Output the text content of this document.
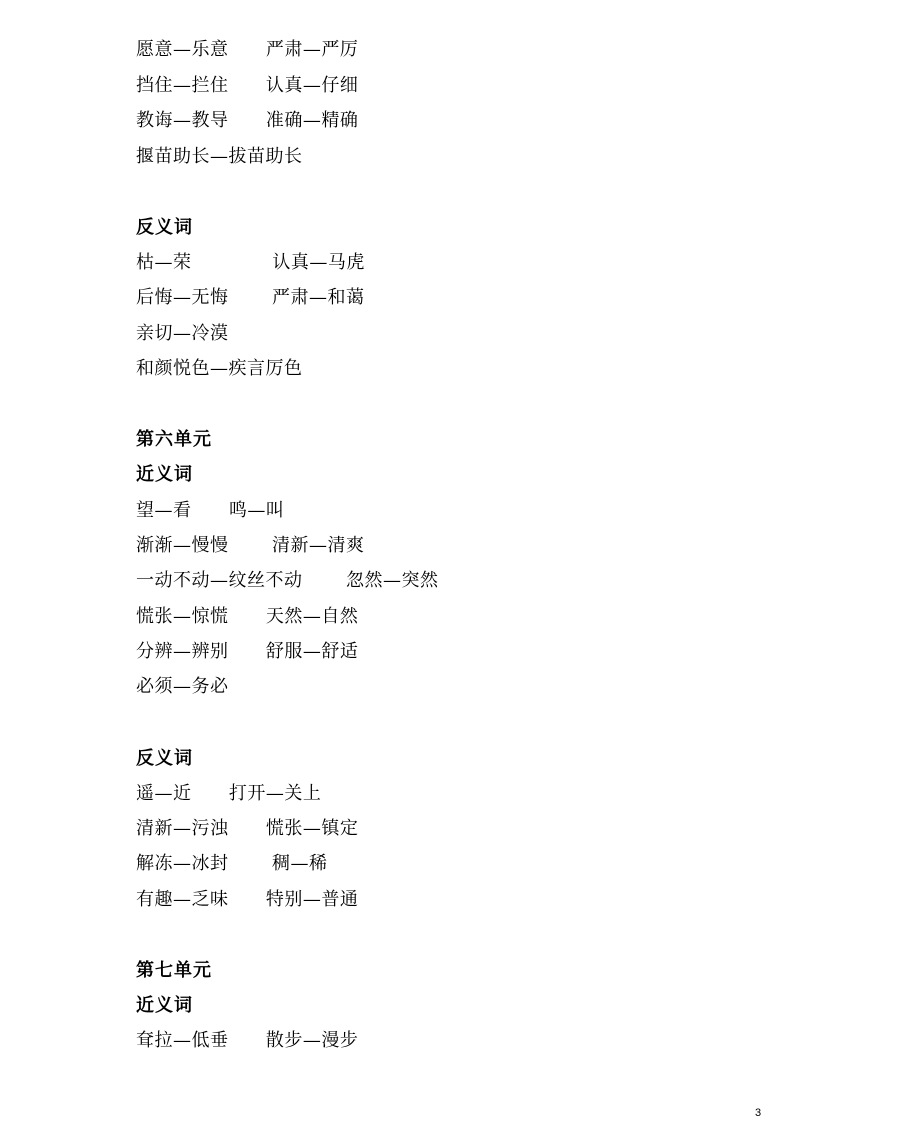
愿意—乐意      严肃—严厉
挡住—拦住      认真—仔细
教诲—教导      准确—精确
揠苗助长—拔苗助长
反义词
枯—荣             认真—马虎
后悔—无悔       严肃—和蔼
亲切—冷漠
和颜悦色—疾言厉色
第六单元
近义词
望—看      鸣—叫
渐渐—慢慢       清新—清爽
一动不动—纹丝不动       忽然—突然
慌张—惊慌      天然—自然
分辨—辨别      舒服—舒适
必须—务必
反义词
遥—近      打开—关上
清新—污浊      慌张—镇定
解冻—冰封       稠—稀
有趣—乏味      特别—普通
第七单元
近义词
耷拉—低垂      散步—漫步
3
